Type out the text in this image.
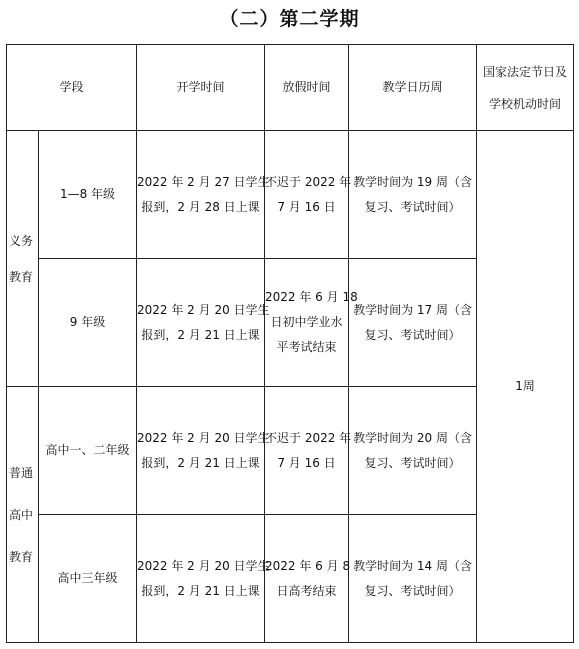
（二）第二学期
学段		开学时间	放假时间	教学日历周	国家法定节日及
学校机动时间

义务
教育	1—8 年级	2022 年 2 月 27 日学生
报到，2 月 28 日上课	不迟于 2022 年
7 月 16 日	教学时间为 19 周（含
复习、考试时间）	1周
	9 年级	2022 年 2 月 20 日学生
报到，2 月 21 日上课	2022 年 6 月 18
日初中学业水
平考试结束	教学时间为 17 周（含
复习、考试时间）	

普通
高中
教育	高中一、二年级	2022 年 2 月 20 日学生
报到，2 月 21 日上课	不迟于 2022 年
7 月 16 日	教学时间为 20 周（含
复习、考试时间）	

	高中三年级	2022 年 2 月 20 日学生
报到，2 月 21 日上课	2022 年 6 月 8
日高考结束	教学时间为 14 周（含
复习、考试时间）	
